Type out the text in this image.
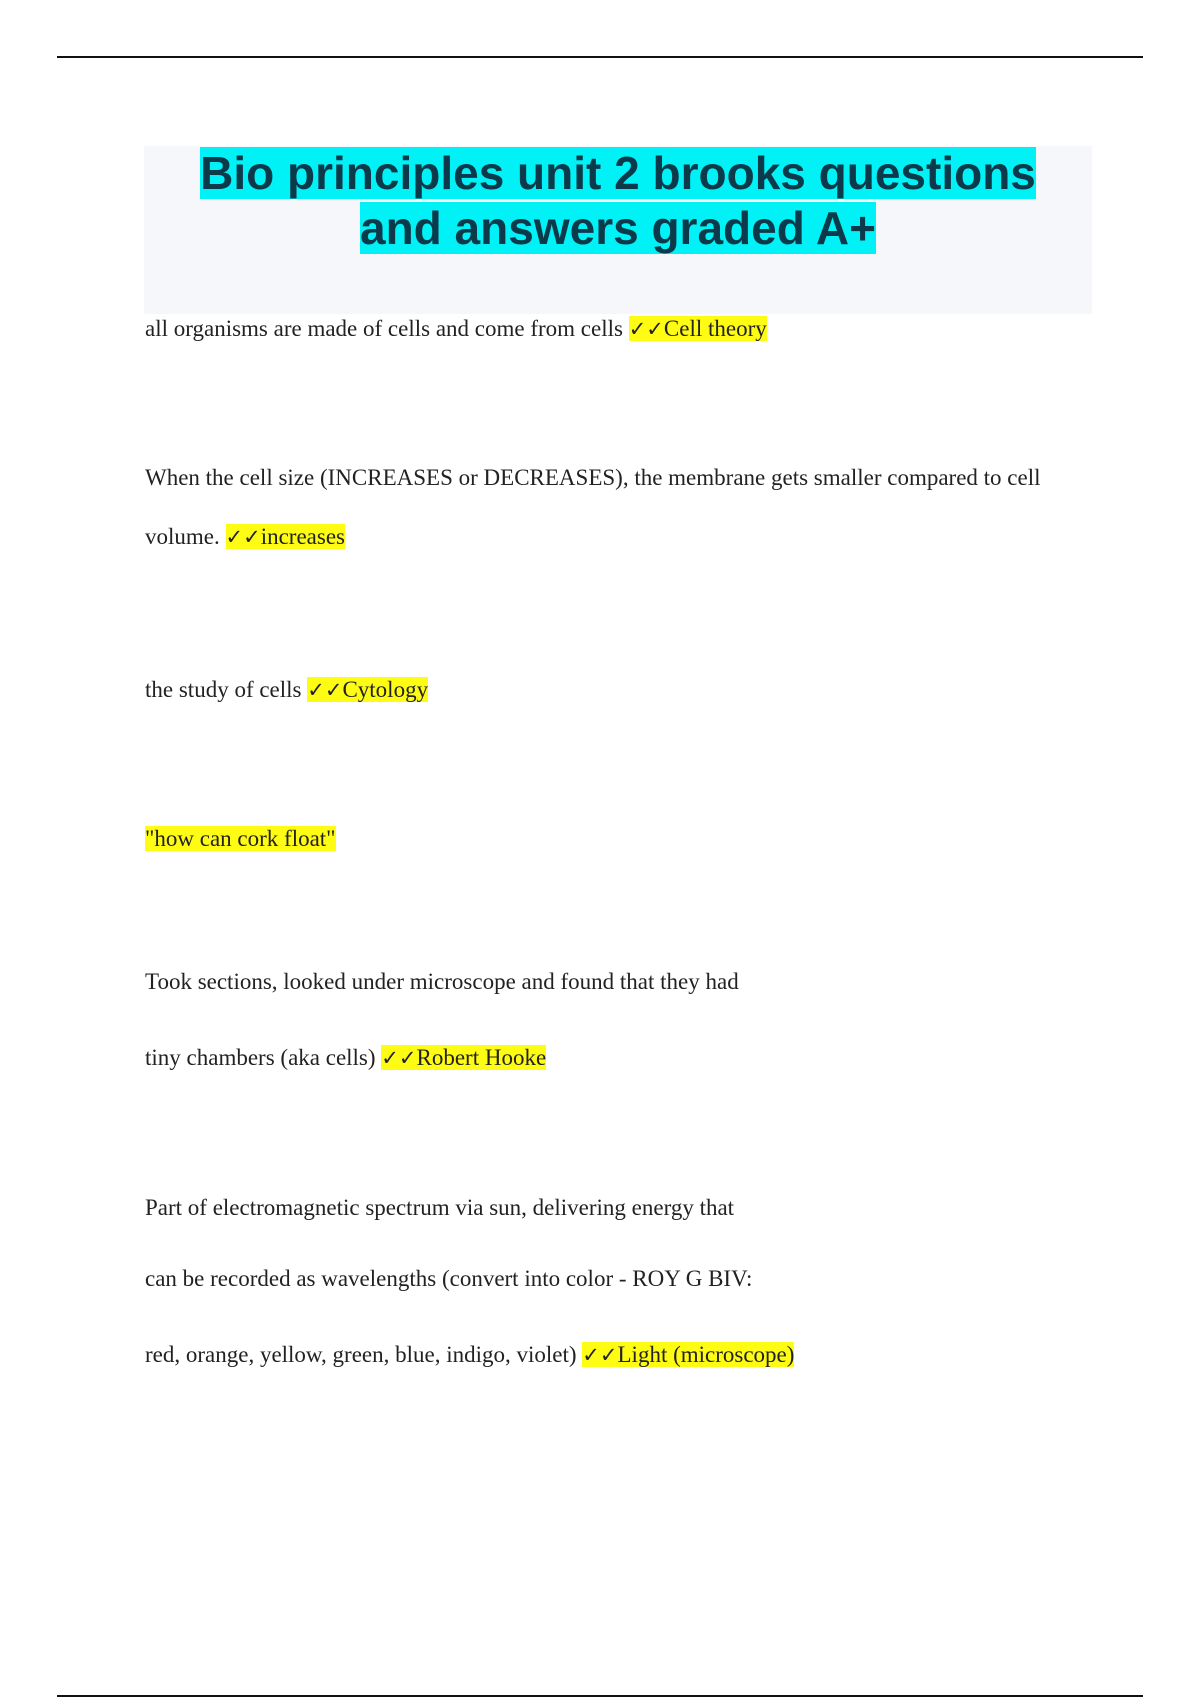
Bio principles unit 2 brooks questions
and answers graded A+
all organisms are made of cells and come from cells ✓✓Cell theory
When the cell size (INCREASES or DECREASES), the membrane gets smaller compared to cell
volume. ✓✓increases
the study of cells ✓✓Cytology
"how can cork float"
Took sections, looked under microscope and found that they had
tiny chambers (aka cells) ✓✓Robert Hooke
Part of electromagnetic spectrum via sun, delivering energy that
can be recorded as wavelengths (convert into color - ROY G BIV:
red, orange, yellow, green, blue, indigo, violet) ✓✓Light (microscope)
